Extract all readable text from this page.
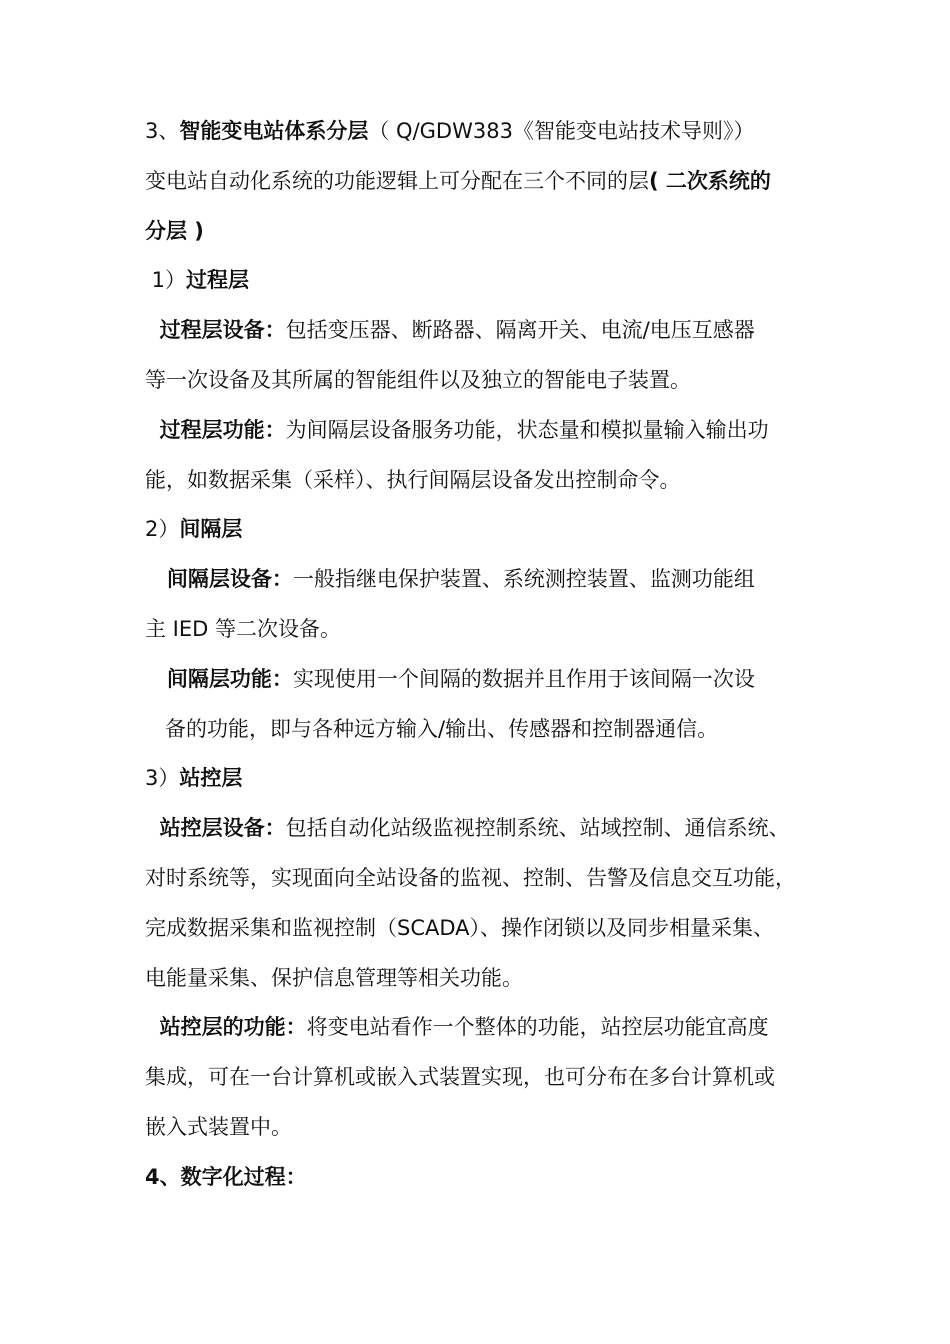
3、智能变电站体系分层（ Q/GDW383《智能变电站技术导则》）
变电站自动化系统的功能逻辑上可分配在三个不同的层( 二次系统的
分层 )
1）过程层
过程层设备：包括变压器、断路器、隔离开关、电流/电压互感器
等一次设备及其所属的智能组件以及独立的智能电子装置。
过程层功能：为间隔层设备服务功能，状态量和模拟量输入输出功
能，如数据采集（采样）、执行间隔层设备发出控制命令。
2）间隔层
间隔层设备：一般指继电保护装置、系统测控装置、监测功能组
主 IED 等二次设备。
间隔层功能：实现使用一个间隔的数据并且作用于该间隔一次设
备的功能，即与各种远方输入/输出、传感器和控制器通信。
3）站控层
站控层设备：包括自动化站级监视控制系统、站域控制、通信系统、
对时系统等，实现面向全站设备的监视、控制、告警及信息交互功能，
完成数据采集和监视控制（SCADA）、操作闭锁以及同步相量采集、
电能量采集、保护信息管理等相关功能。
站控层的功能：将变电站看作一个整体的功能，站控层功能宜高度
集成，可在一台计算机或嵌入式装置实现，也可分布在多台计算机或
嵌入式装置中。
4、数字化过程：
